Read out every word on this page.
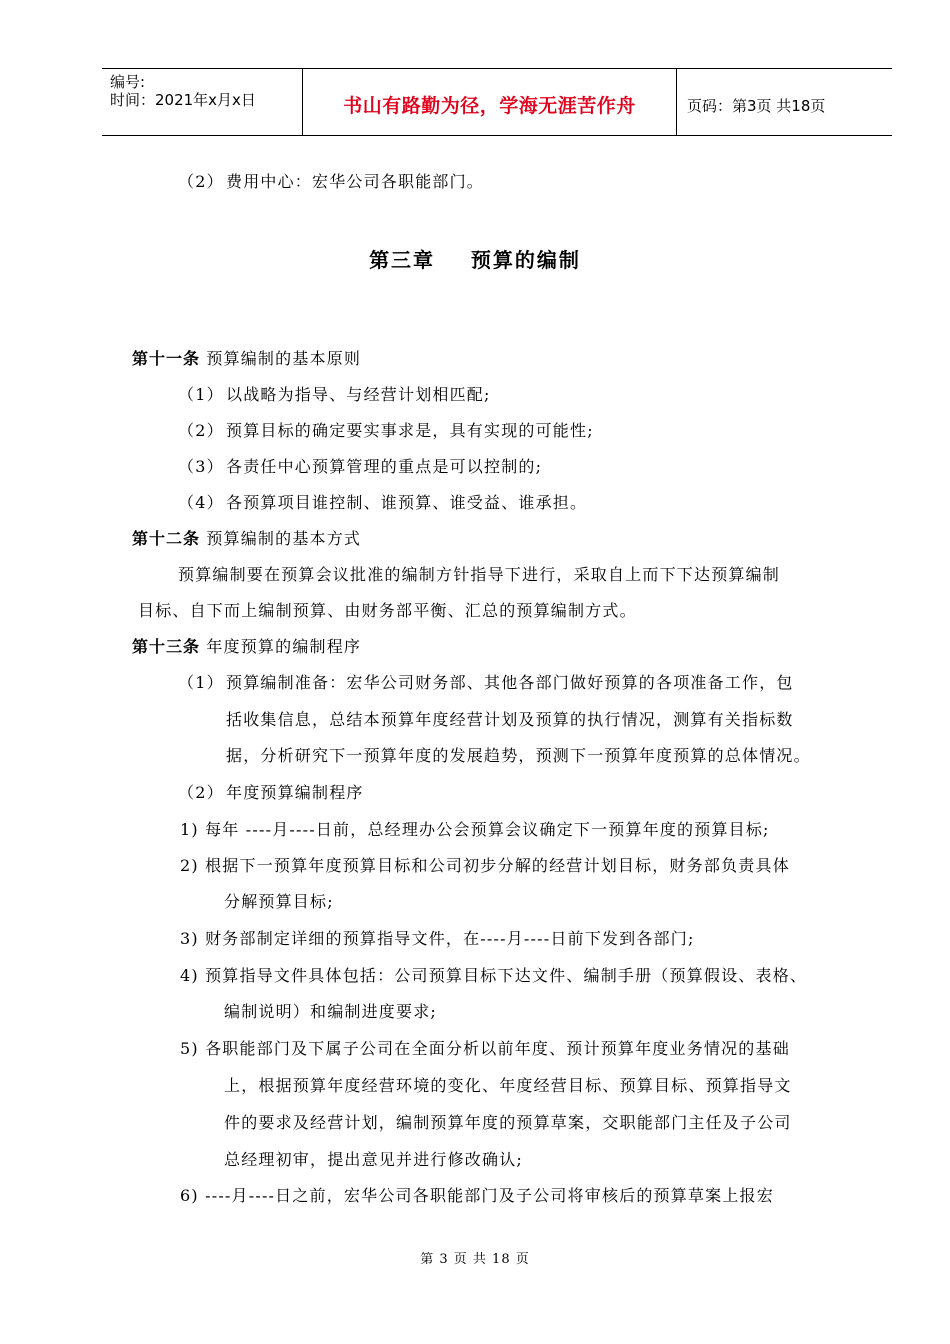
编号:
时间：2021年x月x日	书山有路勤为径，学海无涯苦作舟	页码：第3页 共18页
（2） 费用中心：宏华公司各职能部门。
第三章    预算的编制
第十一条 预算编制的基本原则
（1） 以战略为指导、与经营计划相匹配;
（2） 预算目标的确定要实事求是，具有实现的可能性;
（3） 各责任中心预算管理的重点是可以控制的;
（4） 各预算项目谁控制、谁预算、谁受益、谁承担。
第十二条 预算编制的基本方式
预算编制要在预算会议批准的编制方针指导下进行，采取自上而下下达预算编制
目标、自下而上编制预算、由财务部平衡、汇总的预算编制方式。
第十三条 年度预算的编制程序
（1） 预算编制准备：宏华公司财务部、其他各部门做好预算的各项准备工作，包
括收集信息，总结本预算年度经营计划及预算的执行情况，测算有关指标数
据，分析研究下一预算年度的发展趋势，预测下一预算年度预算的总体情况。
（2） 年度预算编制程序
1) 每年 ----月----日前，总经理办公会预算会议确定下一预算年度的预算目标;
2) 根据下一预算年度预算目标和公司初步分解的经营计划目标，财务部负责具体
分解预算目标;
3) 财务部制定详细的预算指导文件，在----月----日前下发到各部门;
4) 预算指导文件具体包括：公司预算目标下达文件、编制手册（预算假设、表格、
编制说明）和编制进度要求;
5) 各职能部门及下属子公司在全面分析以前年度、预计预算年度业务情况的基础
上，根据预算年度经营环境的变化、年度经营目标、预算目标、预算指导文
件的要求及经营计划，编制预算年度的预算草案，交职能部门主任及子公司
总经理初审，提出意见并进行修改确认;
6) ----月----日之前，宏华公司各职能部门及子公司将审核后的预算草案上报宏
第 3 页 共 18 页
